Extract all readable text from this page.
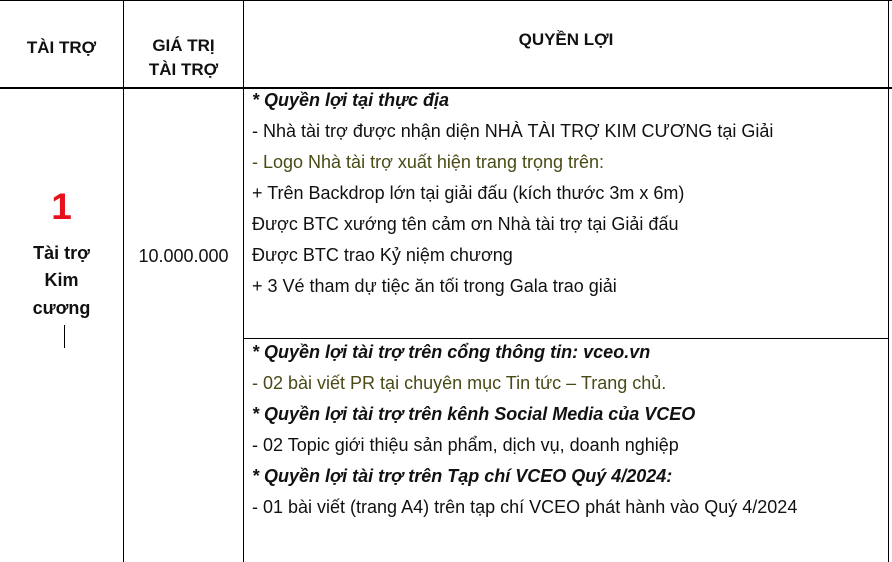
TÀI TRỢ	GIÁ TRỊ
TÀI TRỢ
QUYỀN LỢI
1
Tài trợ
Kim
cương
10.000.000
* Quyền lợi tại thực địa
- Nhà tài trợ được nhận diện NHÀ TÀI TRỢ KIM CƯƠNG tại Giải
- Logo Nhà tài trợ xuất hiện trang trọng trên:
+ Trên Backdrop lớn tại giải đấu (kích thước 3m x 6m)
Được BTC xướng tên cảm ơn Nhà tài trợ tại Giải đấu
Được BTC trao Kỷ niệm chương
+ 3 Vé tham dự tiệc ăn tối trong Gala trao giải
* Quyền lợi tài trợ trên cổng thông tin: vceo.vn
- 02 bài viết PR tại chuyên mục Tin tức – Trang chủ.
* Quyền lợi tài trợ trên kênh Social Media của VCEO
- 02 Topic giới thiệu sản phẩm, dịch vụ, doanh nghiệp
* Quyền lợi tài trợ trên Tạp chí VCEO Quý 4/2024:
- 01 bài viết (trang A4) trên tạp chí VCEO phát hành vào Quý 4/2024
